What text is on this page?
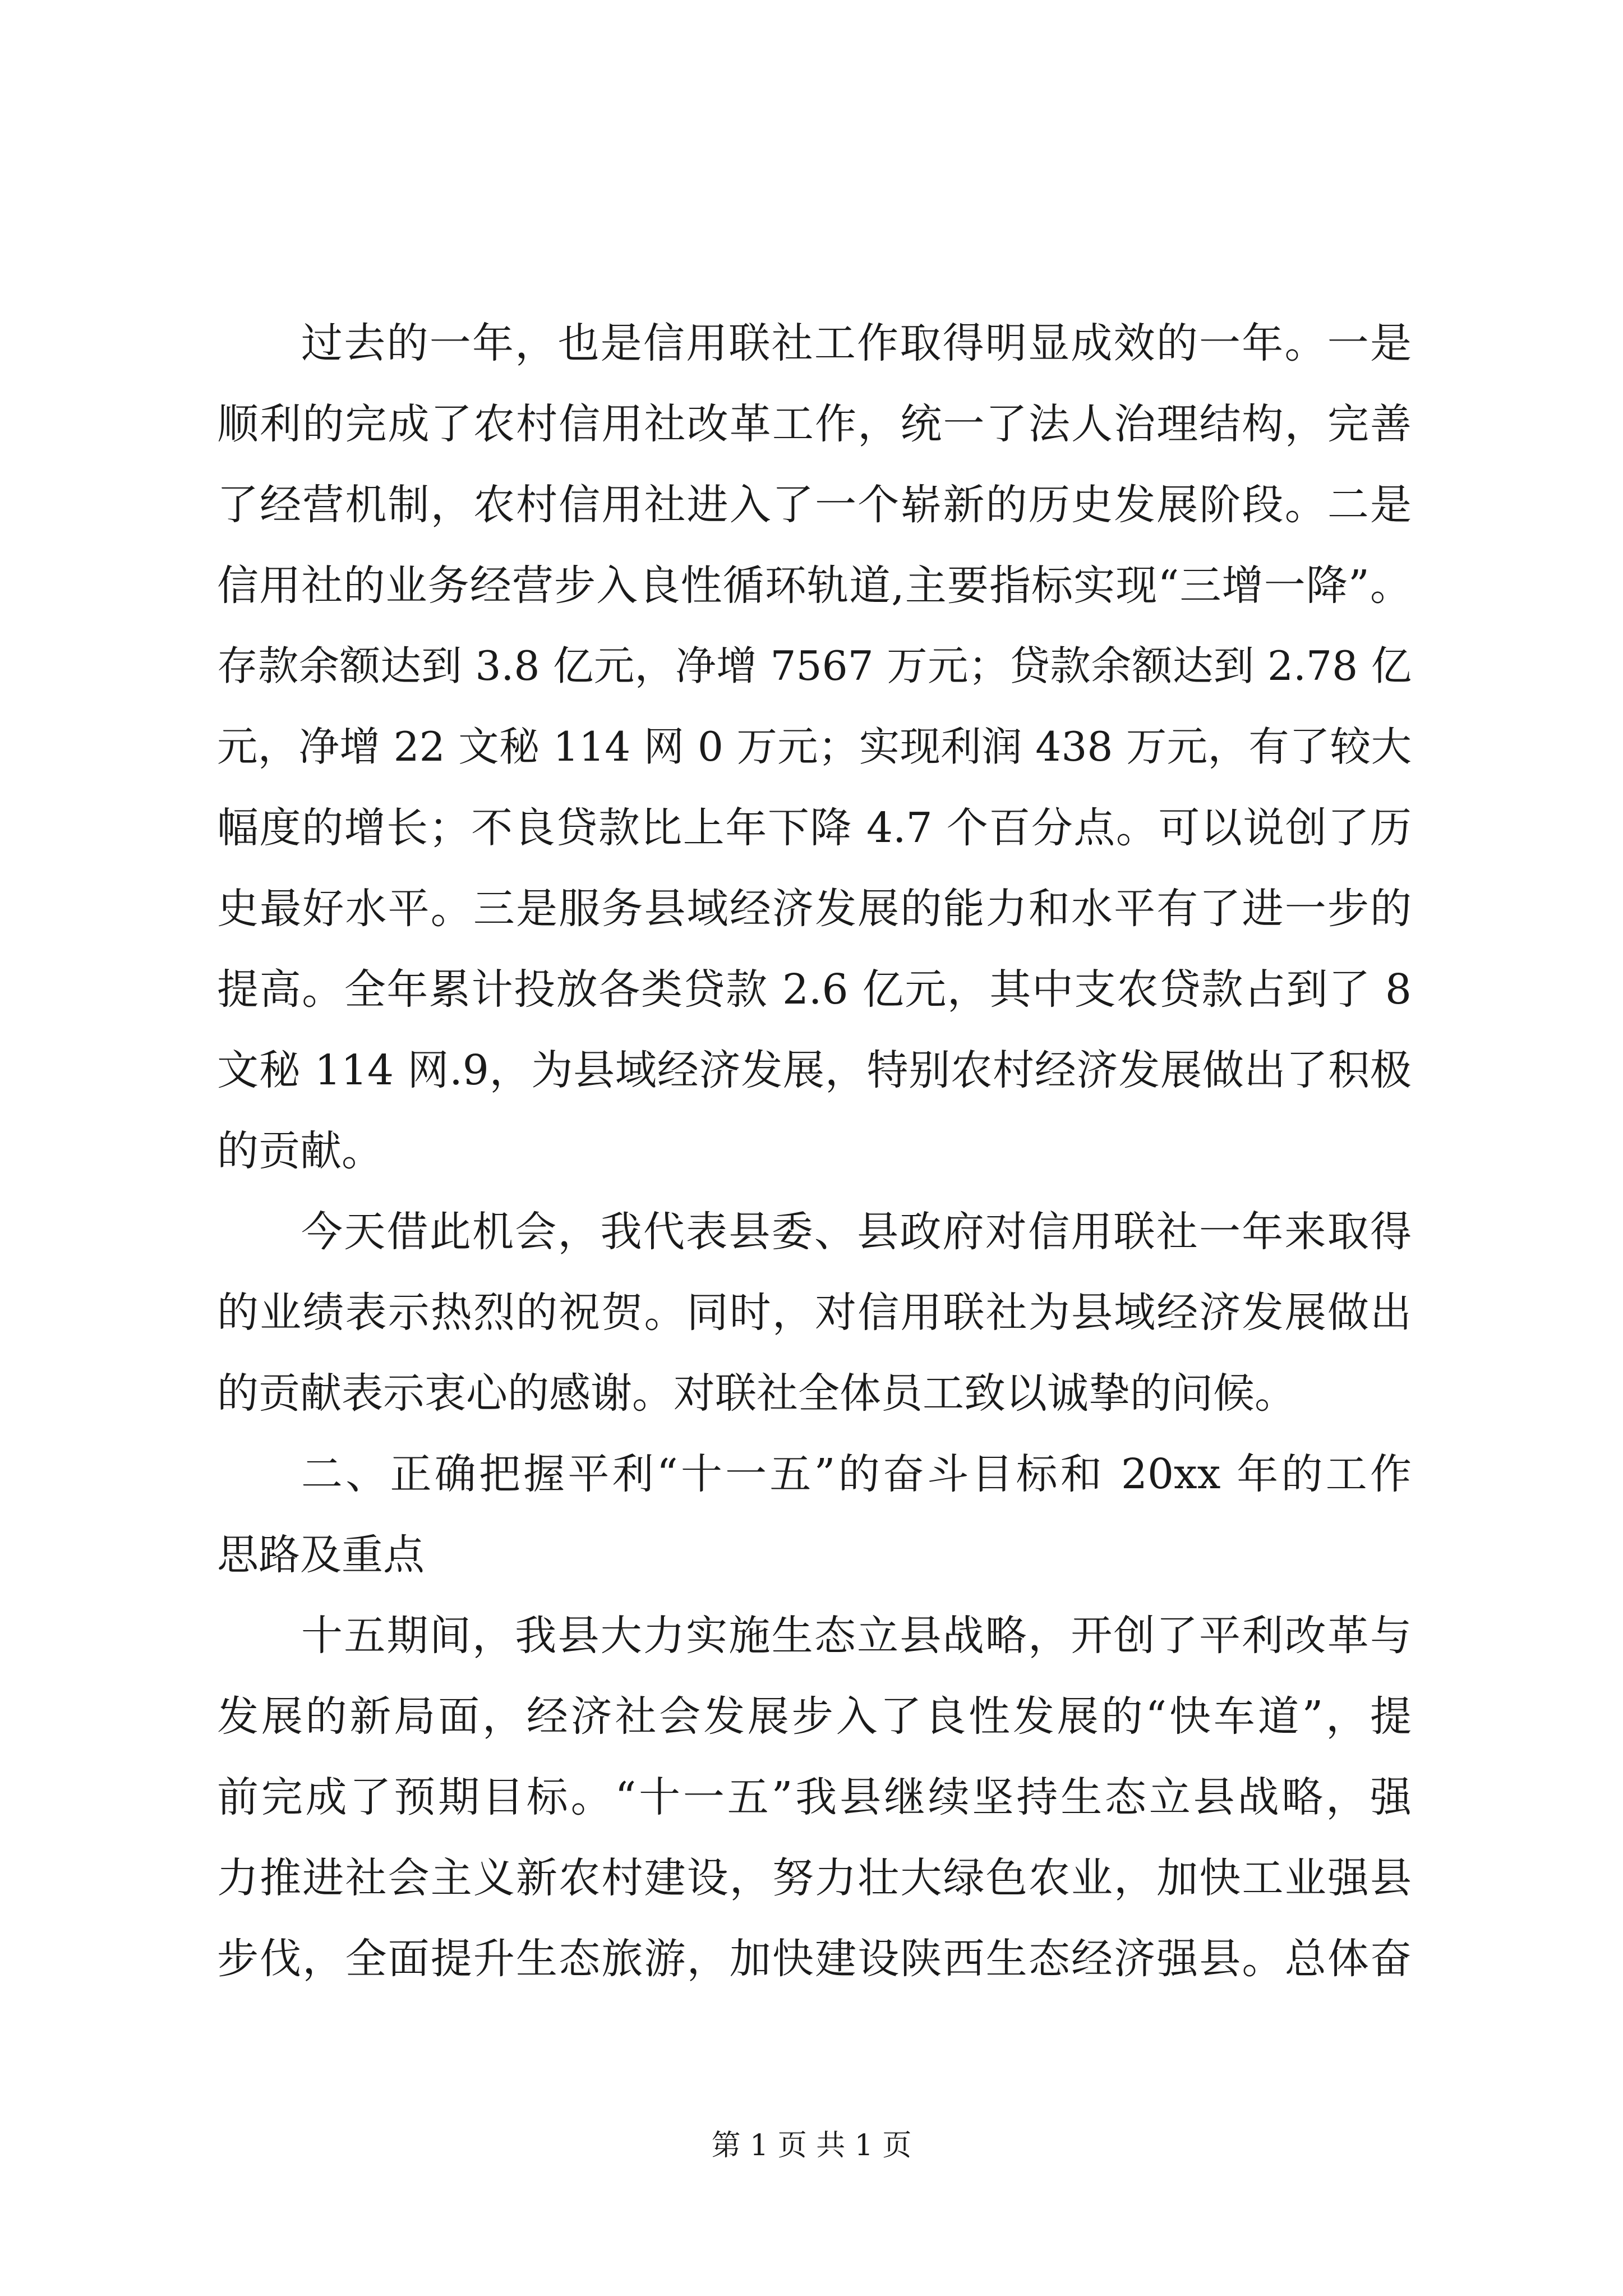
过去的一年，也是信用联社工作取得明显成效的一年。一是
顺利的完成了农村信用社改革工作，统一了法人治理结构，完善
了经营机制，农村信用社进入了一个崭新的历史发展阶段。二是
信用社的业务经营步入良性循环轨道,主要指标实现“三增一降”。
存款余额达到 3.8 亿元，净增 7567 万元；贷款余额达到 2.78 亿
元，净增 22 文秘 114 网 0 万元；实现利润 438 万元，有了较大
幅度的增长；不良贷款比上年下降 4.7 个百分点。可以说创了历
史最好水平。三是服务县域经济发展的能力和水平有了进一步的
提高。全年累计投放各类贷款 2.6 亿元，其中支农贷款占到了 8
文秘 114 网.9，为县域经济发展，特别农村经济发展做出了积极
的贡献。
今天借此机会，我代表县委、县政府对信用联社一年来取得
的业绩表示热烈的祝贺。同时，对信用联社为县域经济发展做出
的贡献表示衷心的感谢。对联社全体员工致以诚挚的问候。
二、正确把握平利“十一五”的奋斗目标和 20xx 年的工作
思路及重点
十五期间，我县大力实施生态立县战略，开创了平利改革与
发展的新局面，经济社会发展步入了良性发展的“快车道”，提
前完成了预期目标。“十一五”我县继续坚持生态立县战略，强
力推进社会主义新农村建设，努力壮大绿色农业，加快工业强县
步伐，全面提升生态旅游，加快建设陕西生态经济强县。总体奋
第 1 页 共 1 页
